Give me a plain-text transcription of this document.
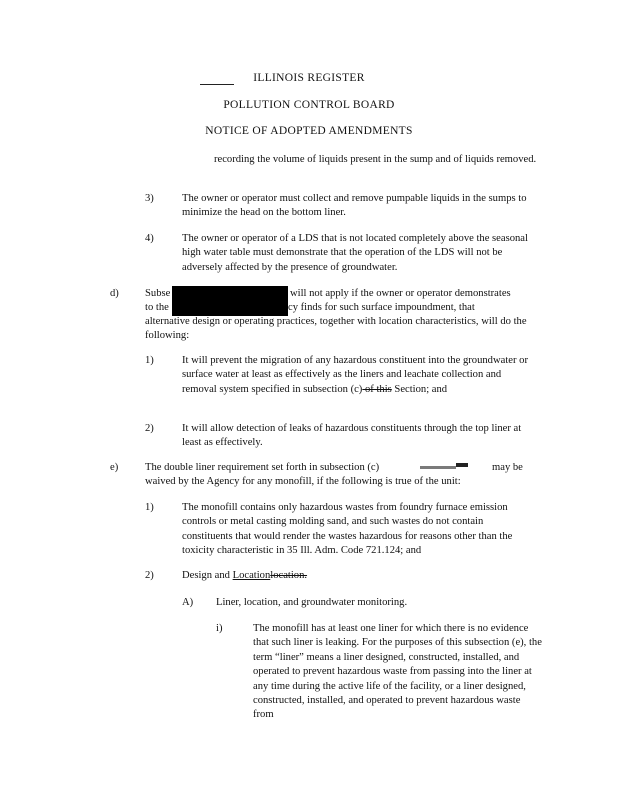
ILLINOIS REGISTER
POLLUTION CONTROL BOARD
NOTICE OF ADOPTED AMENDMENTS
recording the volume of liquids present in the sump and of liquids removed.
3)	The owner or operator must collect and remove pumpable liquids in the sumps to minimize the head on the bottom liner.
4)	The owner or operator of a LDS that is not located completely above the seasonal high water table must demonstrate that the operation of the LDS will not be adversely affected by the presence of groundwater.
d) Subse	will not apply if the owner or operator demonstrates
to the	cy finds for such surface impoundment, that
alternative design or operating practices, together with location characteristics, will do the following:
1)	It will prevent the migration of any hazardous constituent into the groundwater or surface water at least as effectively as the liners and leachate collection and removal system specified in subsection (c) of this Section; and
2)	It will allow detection of leaks of hazardous constituents through the top liner at least as effectively.
e)	The double liner requirement set forth in subsection (c)	may be
waived by the Agency for any monofill, if the following is true of the unit:
1)	The monofill contains only hazardous wastes from foundry furnace emission controls or metal casting molding sand, and such wastes do not contain constituents that would render the wastes hazardous for reasons other than the toxicity characteristic in 35 Ill. Adm. Code 721.124; and
2)	Design and Locationlocation.
A) Liner, location, and groundwater monitoring.
i)	The monofill has at least one liner for which there is no evidence that such liner is leaking. For the purposes of this subsection (e), the term “liner” means a liner designed, constructed, installed, and operated to prevent hazardous waste from passing into the liner at any time during the active life of the facility, or a liner designed, constructed, installed, and operated to prevent hazardous waste from
